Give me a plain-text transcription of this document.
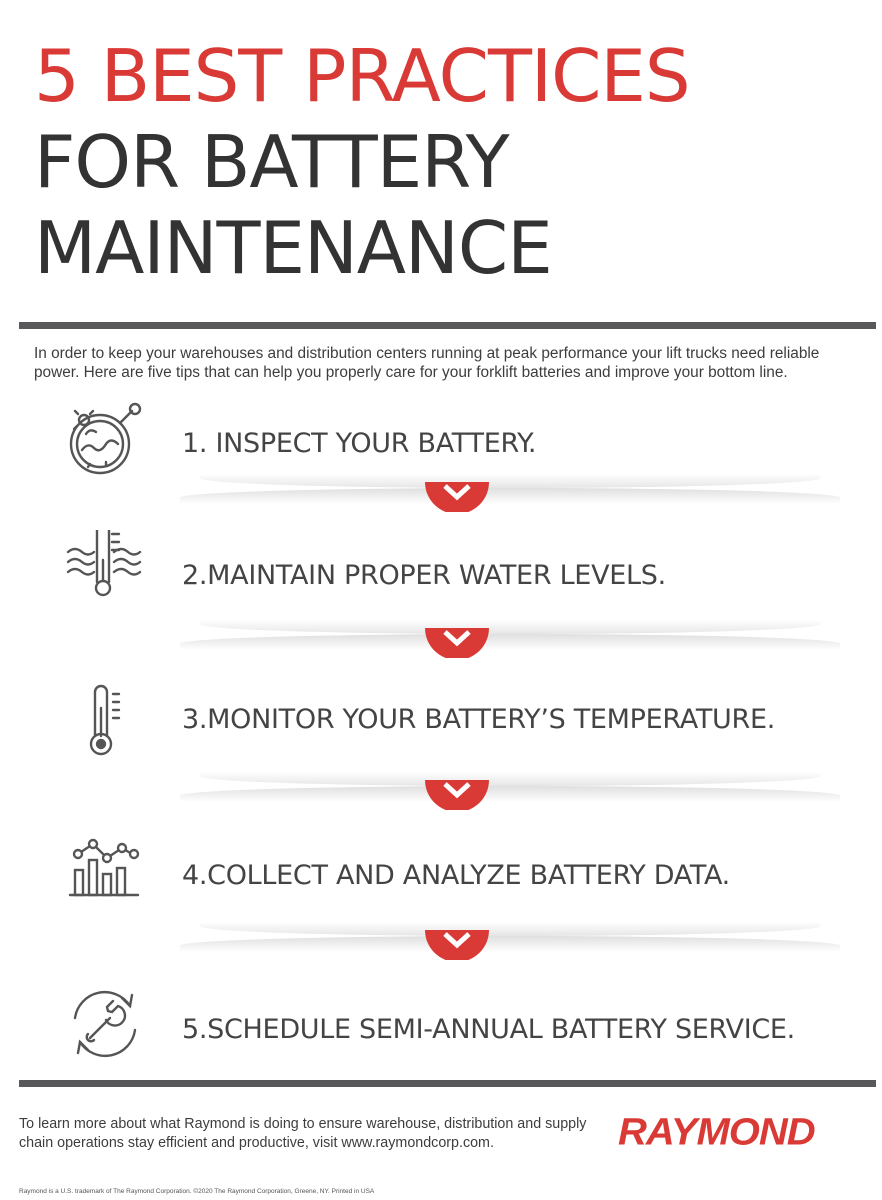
5 BEST PRACTICES
FOR BATTERY
MAINTENANCE

In order to keep your warehouses and distribution centers running at peak performance your lift trucks need reliable power. Here are five tips that can help you properly care for your forklift batteries and improve your bottom line.

1. INSPECT YOUR BATTERY.
2.MAINTAIN PROPER WATER LEVELS.
3.MONITOR YOUR BATTERY’S TEMPERATURE.
4.COLLECT AND ANALYZE BATTERY DATA.
5.SCHEDULE SEMI-ANNUAL BATTERY SERVICE.

To learn more about what Raymond is doing to ensure warehouse, distribution and supply chain operations stay efficient and productive, visit www.raymondcorp.com.	RAYMOND

Raymond is a U.S. trademark of The Raymond Corporation. ©2020 The Raymond Corporation, Greene, NY. Printed in USA
